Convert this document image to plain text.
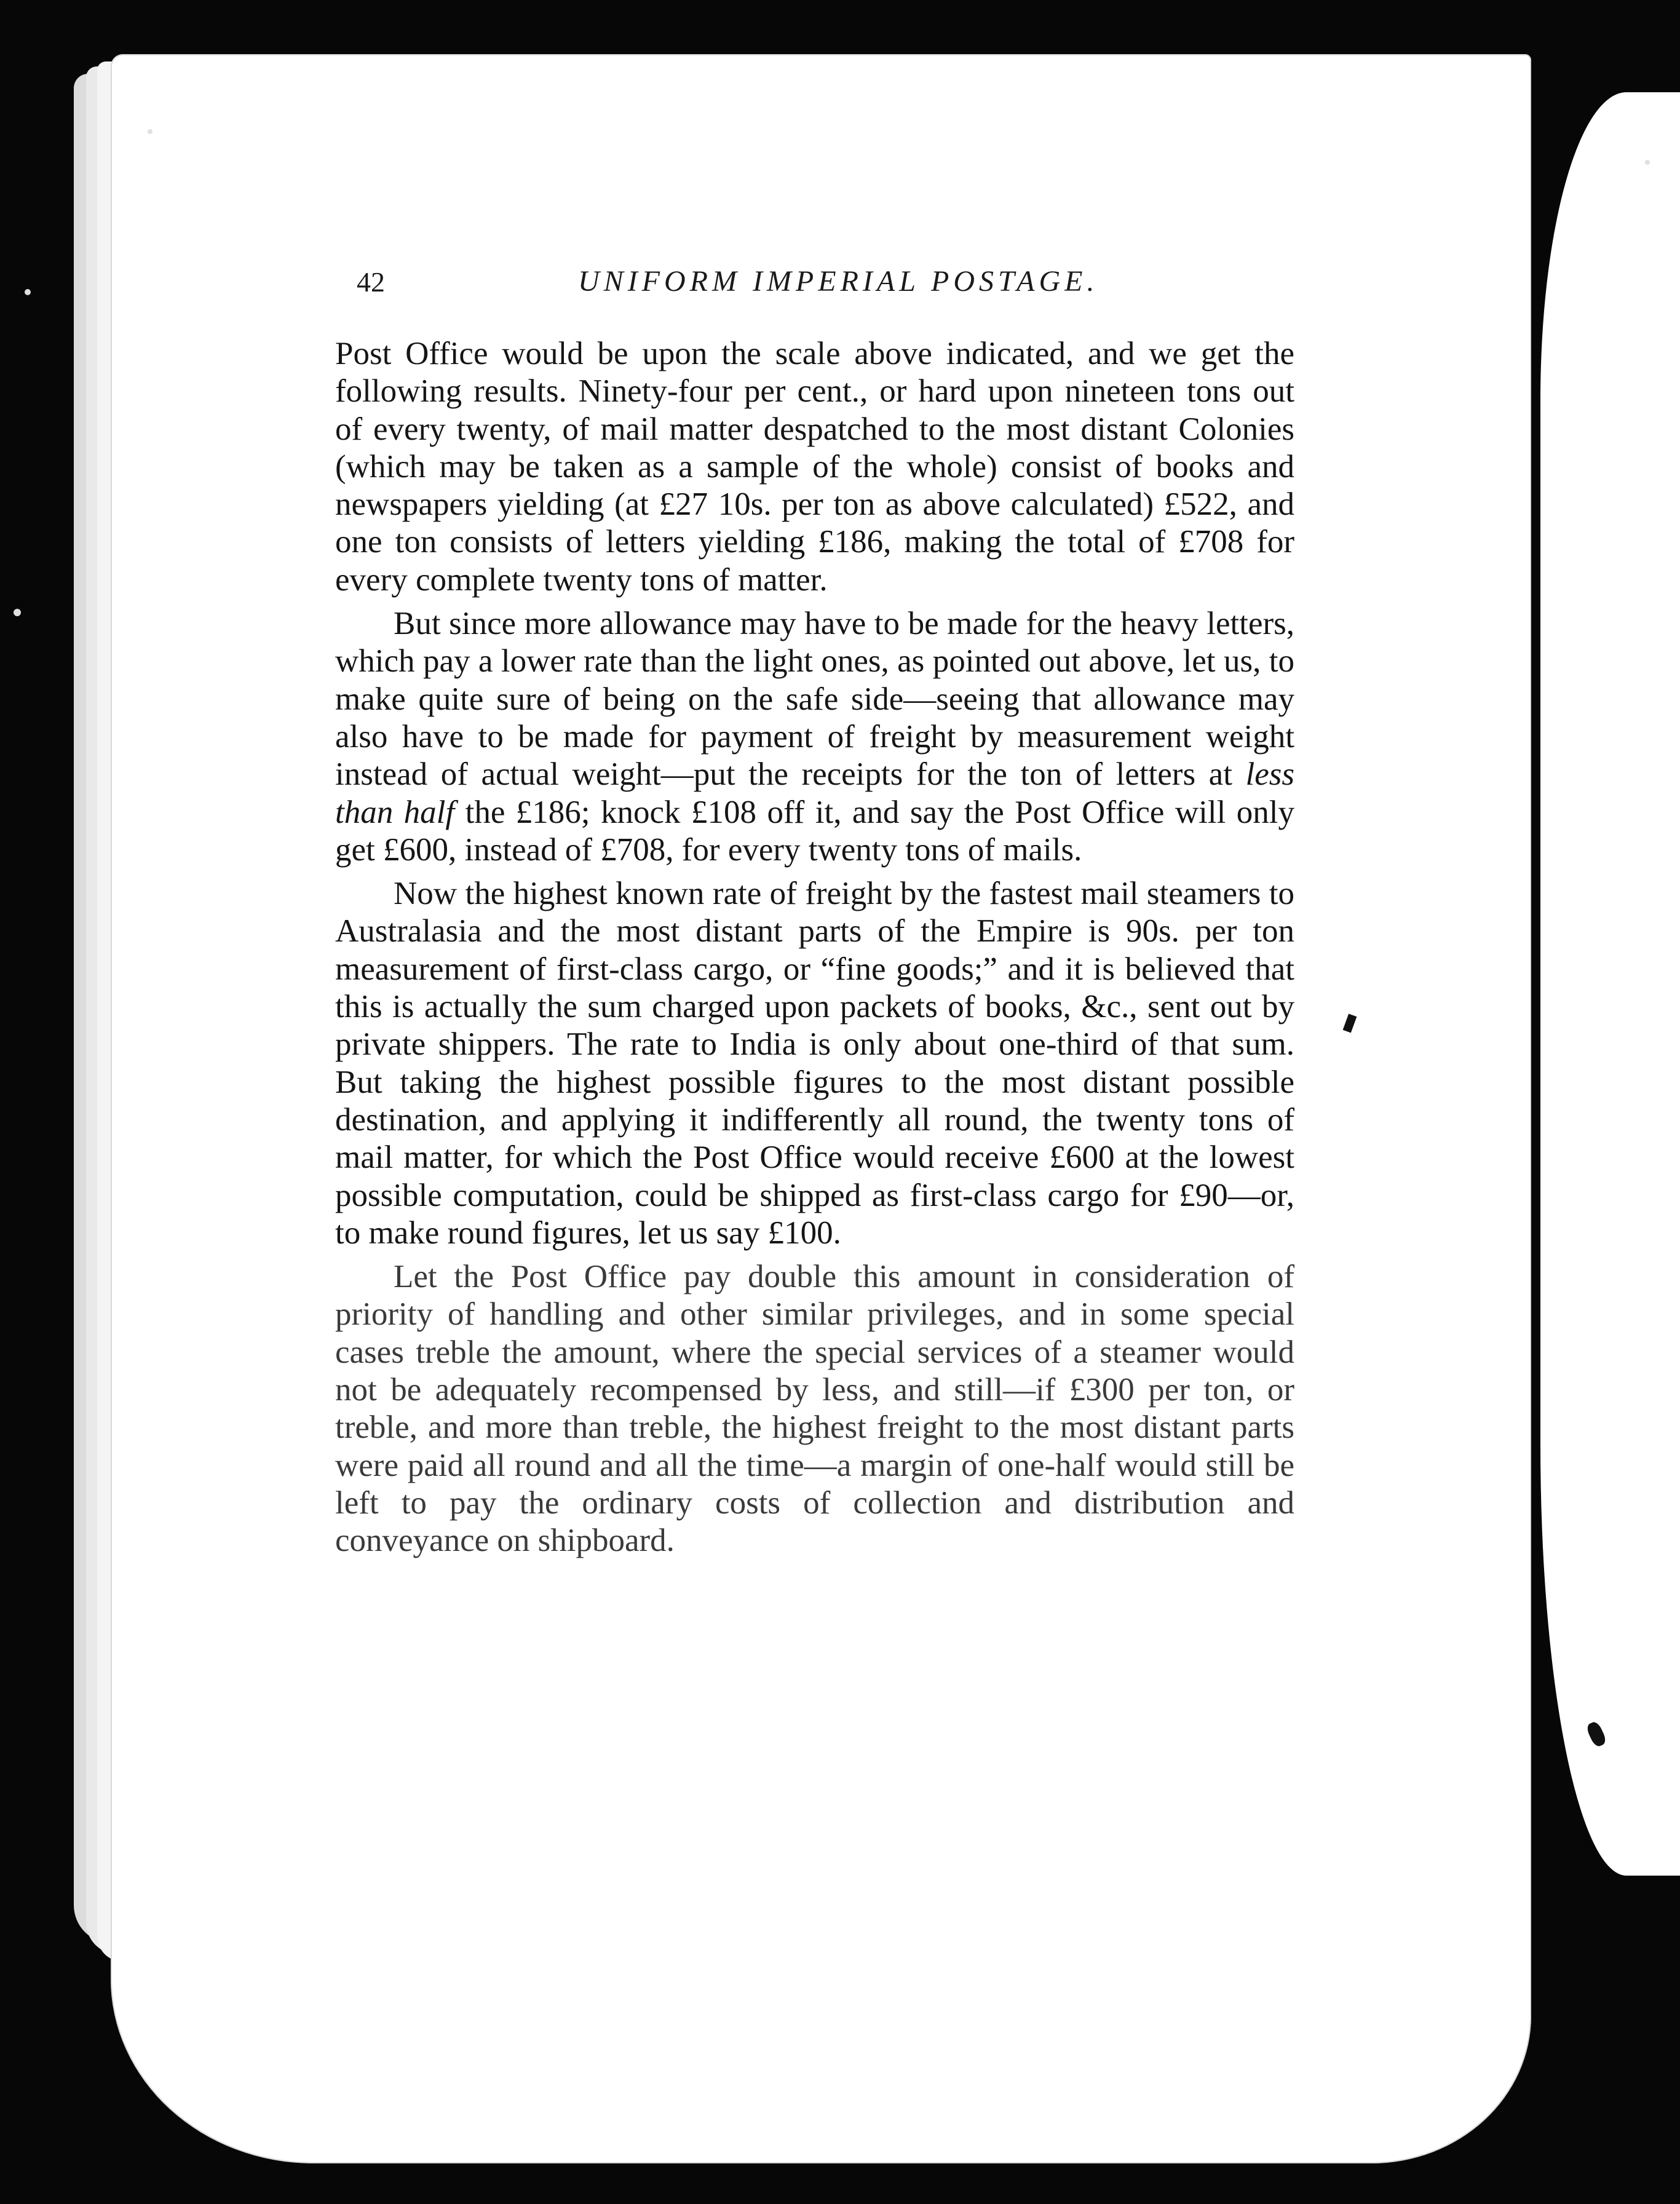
42	UNIFORM IMPERIAL POSTAGE.

Post Office would be upon the scale above indicated, and we get the following results. Ninety-four per cent., or hard upon nineteen tons out of every twenty, of mail matter despatched to the most distant Colonies (which may be taken as a sample of the whole) consist of books and newspapers yielding (at £27 10s. per ton as above calculated) £522, and one ton consists of letters yielding £186, making the total of £708 for every complete twenty tons of matter.

But since more allowance may have to be made for the heavy letters, which pay a lower rate than the light ones, as pointed out above, let us, to make quite sure of being on the safe side—seeing that allowance may also have to be made for payment of freight by measurement weight instead of actual weight—put the receipts for the ton of letters at less than half the £186; knock £108 off it, and say the Post Office will only get £600, instead of £708, for every twenty tons of mails.

Now the highest known rate of freight by the fastest mail steamers to Australasia and the most distant parts of the Empire is 90s. per ton measurement of first-class cargo, or “fine goods;” and it is believed that this is actually the sum charged upon packets of books, &c., sent out by private shippers. The rate to India is only about one-third of that sum. But taking the highest possible figures to the most distant possible destination, and applying it indifferently all round, the twenty tons of mail matter, for which the Post Office would receive £600 at the lowest possible computation, could be shipped as first-class cargo for £90—or, to make round figures, let us say £100.

Let the Post Office pay double this amount in consideration of priority of handling and other similar privileges, and in some special cases treble the amount, where the special services of a steamer would not be adequately recompensed by less, and still—if £300 per ton, or treble, and more than treble, the highest freight to the most distant parts were paid all round and all the time—a margin of one-half would still be left to pay the ordinary costs of collection and distribution and conveyance on shipboard.
